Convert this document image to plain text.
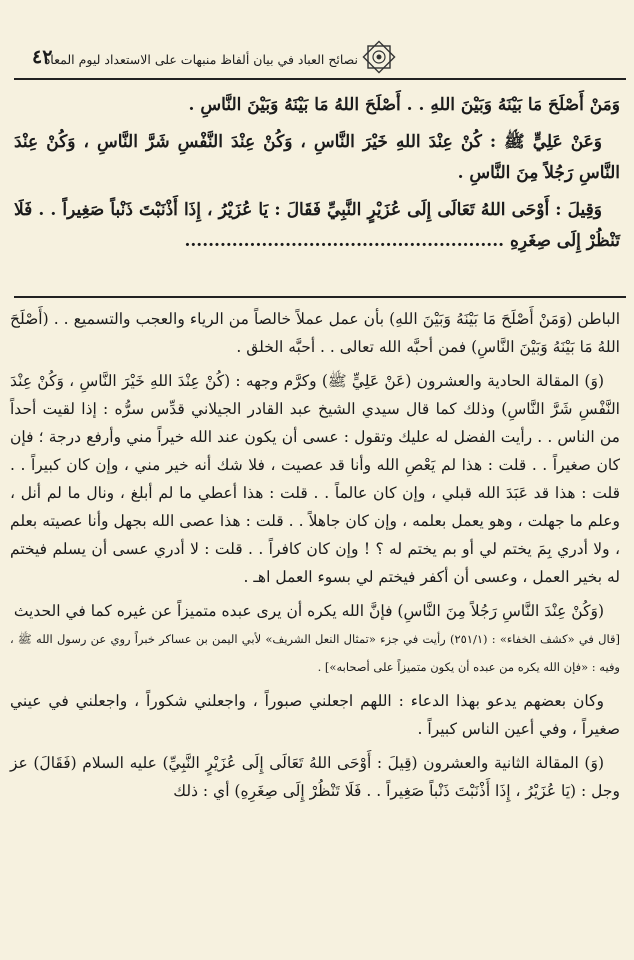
نصائح العباد في بيان ألفاظ منبهات على الاستعداد ليوم المعاد
٤٢

وَمَنْ أَصْلَحَ مَا بَيْنَهُ وَبَيْنَ اللهِ . . أَصْلَحَ اللهُ مَا بَيْنَهُ وَبَيْنَ النَّاسِ .

وَعَنْ عَلِيٍّ ﷺ : كُنْ عِنْدَ اللهِ خَيْرَ النَّاسِ ، وَكُنْ عِنْدَ النَّفْسِ شَرَّ النَّاسِ ، وَكُنْ عِنْدَ النَّاسِ رَجُلاً مِنَ النَّاسِ .

وَقِيلَ : أَوْحَى اللهُ تَعَالَى إِلَى عُزَيْرٍ النَّبِيِّ فَقَالَ : يَا عُزَيْرُ ، إِذَا أَذْنَبْتَ ذَنْباً صَغِيراً . . فَلَا تَنْظُرْ إِلَى صِغَرِهِ ......................................................

الباطن (وَمَنْ أَصْلَحَ مَا بَيْنَهُ وَبَيْنَ اللهِ) بأن عمل عملاً خالصاً من الرياء والعجب والتسميع . . (أَصْلَحَ اللهُ مَا بَيْنَهُ وَبَيْنَ النَّاسِ) فمن أحبَّه الله تعالى . . أحبَّه الخلق .

(وَ) المقالة الحادية والعشرون (عَنْ عَلِيٍّ ﷺ) وكرَّم وجهه : (كُنْ عِنْدَ اللهِ خَيْرَ النَّاسِ ، وَكُنْ عِنْدَ النَّفْسِ شَرَّ النَّاسِ) وذلك كما قال سيدي الشيخ عبد القادر الجيلاني قدِّس سرُّه : إذا لقيت أحداً من الناس . . رأيت الفضل له عليك وتقول : عسى أن يكون عند الله خيراً مني وأرفع درجة ؛ فإن كان صغيراً . . قلت : هذا لم يَعْصِ الله وأنا قد عصيت ، فلا شك أنه خير مني ، وإن كان كبيراً . . قلت : هذا قد عَبَدَ الله قبلي ، وإن كان عالماً . . قلت : هذا أعطي ما لم أبلغ ، ونال ما لم أنل ، وعلم ما جهلت ، وهو يعمل بعلمه ، وإن كان جاهلاً . . قلت : هذا عصى الله بجهل وأنا عصيته بعلم ، ولا أدري بِمَ يختم لي أو بم يختم له ؟ ! وإن كان كافراً . . قلت : لا أدري عسى أن يسلم فيختم له بخير العمل ، وعسى أن أكفر فيختم لي بسوء العمل اهـ .

(وَكُنْ عِنْدَ النَّاسِ رَجُلاً مِنَ النَّاسِ) فإنَّ الله يكره أن يرى عبده متميزاً عن غيره كما في الحديث

[قال في «كشف الخفاء» : (٢٥١/١) رأيت في جزء «تمثال النعل الشريف» لأبي اليمن بن عساكر خبراً روي عن رسول الله ﷺ ، وفيه : «فإن الله يكره من عبده أن يكون متميزاً على أصحابه»] .

وكان بعضهم يدعو بهذا الدعاء : اللهم اجعلني صبوراً ، واجعلني شكوراً ، واجعلني في عيني صغيراً ، وفي أعين الناس كبيراً .

(وَ) المقالة الثانية والعشرون (قِيلَ : أَوْحَى اللهُ تَعَالَى إِلَى عُزَيْرٍ النَّبِيِّ) عليه السلام (فَقَالَ) عز وجل : (يَا عُزَيْرُ ، إِذَا أَذْنَبْتَ ذَنْباً صَغِيراً . . فَلَا تَنْظُرْ إِلَى صِغَرِهِ) أي : ذلك
